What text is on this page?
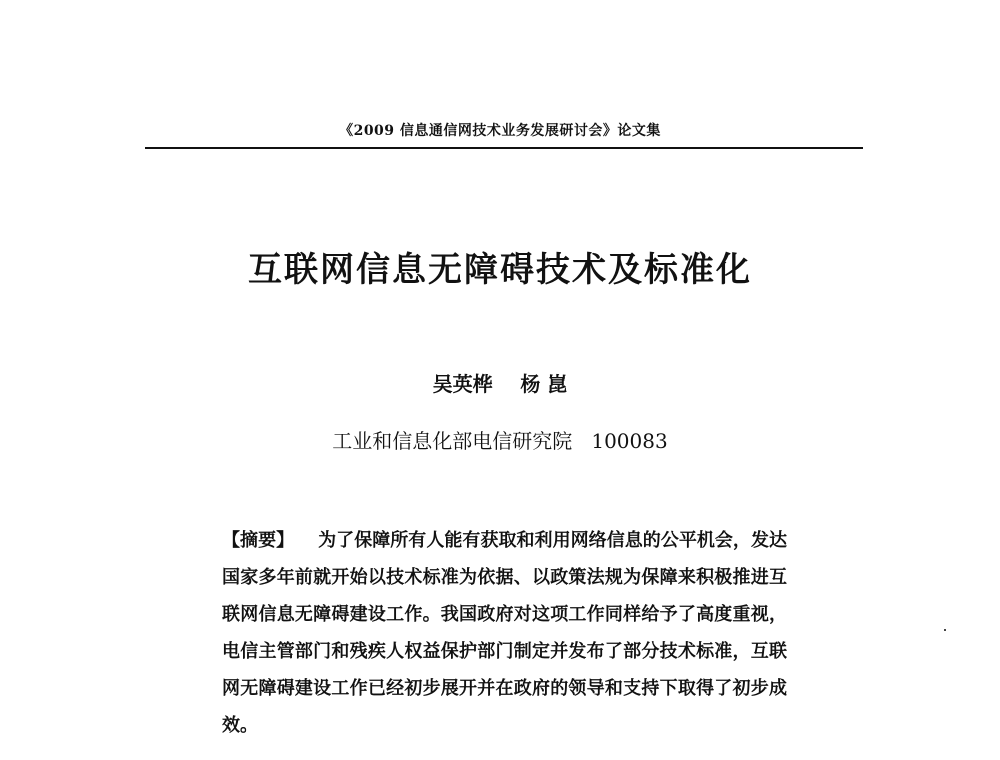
《2009 信息通信网技术业务发展研讨会》论文集
互联网信息无障碍技术及标准化
吴英桦    杨 崑
工业和信息化部电信研究院   100083
【摘要】 为了保障所有人能有获取和利用网络信息的公平机会，发达国家多年前就开始以技术标准为依据、以政策法规为保障来积极推进互联网信息无障碍建设工作。我国政府对这项工作同样给予了高度重视，电信主管部门和残疾人权益保护部门制定并发布了部分技术标准，互联网无障碍建设工作已经初步展开并在政府的领导和支持下取得了初步成效。
